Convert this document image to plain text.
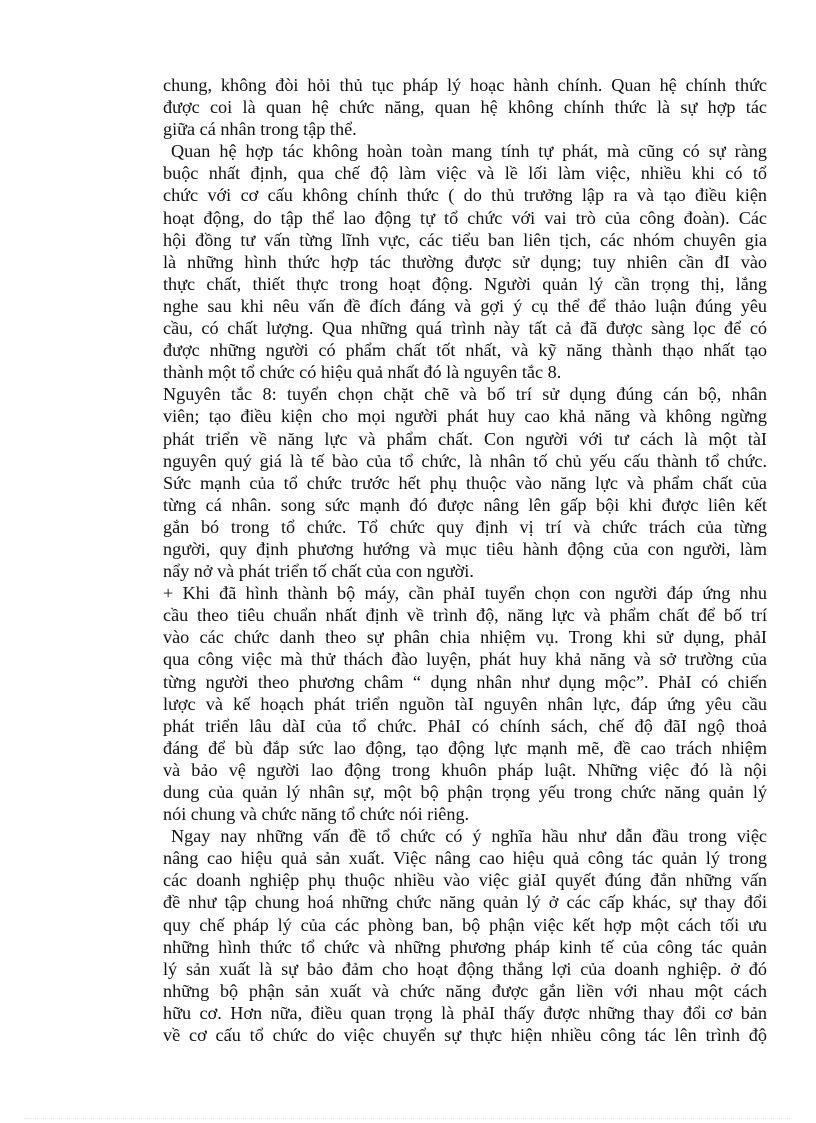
chung, không đòi hỏi thủ tục pháp lý hoạc hành chính. Quan hệ chính thức
được coi là quan hệ chức năng, quan hệ không chính thức là sự hợp tác
giữa cá nhân trong tập thể.

Quan hệ hợp tác không hoàn toàn mang tính tự phát, mà cũng có sự ràng
buộc nhất định, qua chế độ làm việc và lề lối làm việc, nhiều khi có tổ
chức với cơ cấu không chính thức ( do thủ trưởng lập ra và tạo điều kiện
hoạt động, do tập thể lao động tự tổ chức với vai trò của công đoàn). Các
hội đồng tư vấn từng lĩnh vực, các tiểu ban liên tịch, các nhóm chuyên gia
là những hình thức hợp tác thường được sử dụng; tuy nhiên cần đI vào
thực chất, thiết thực trong hoạt động. Người quản lý cần trọng thị, lắng
nghe sau khi nêu vấn đề đích đáng và gợi ý cụ thể để thảo luận đúng yêu
cầu, có chất lượng. Qua những quá trình này tất cả đã được sàng lọc để có
được những người có phẩm chất tốt nhất, và kỹ năng thành thạo nhất tạo
thành một tổ chức có hiệu quả nhất đó là nguyên tắc 8.

Nguyên tắc 8: tuyển chọn chặt chẽ và bố trí sử dụng đúng cán bộ, nhân
viên; tạo điều kiện cho mọi người phát huy cao khả năng và không ngừng
phát triển về năng lực và phẩm chất. Con người với tư cách là một tàI
nguyên quý giá là tế bào của tổ chức, là nhân tố chủ yếu cấu thành tổ chức.
Sức mạnh của tổ chức trước hết phụ thuộc vào năng lực và phẩm chất của
từng cá nhân. song sức mạnh đó được nâng lên gấp bội khi được liên kết
gắn bó trong tổ chức. Tổ chức quy định vị trí và chức trách của từng
người, quy định phương hướng và mục tiêu hành động của con người, làm
nẩy nở và phát triển tố chất của con người.

+ Khi đã hình thành bộ máy, cần phảI tuyển chọn con người đáp ứng nhu
cầu theo tiêu chuẩn nhất định về trình độ, năng lực và phẩm chất để bố trí
vào các chức danh theo sự phân chia nhiệm vụ. Trong khi sử dụng, phảI
qua công việc mà thử thách đào luyện, phát huy khả năng và sở trường của
từng người theo phương châm “ dụng nhân như dụng mộc”. PhảI có chiến
lược và kế hoạch phát triển nguồn tàI nguyên nhân lực, đáp ứng yêu cầu
phát triển lâu dàI của tổ chức. PhảI có chính sách, chế độ đãI ngộ thoả
đáng để bù đắp sức lao động, tạo động lực mạnh mẽ, đề cao trách nhiệm
và bảo vệ người lao động trong khuôn pháp luật. Những việc đó là nội
dung của quản lý nhân sự, một bộ phận trọng yếu trong chức năng quản lý
nói chung và chức năng tổ chức nói riêng.

Ngay nay những vấn đề tổ chức có ý nghĩa hầu như dẫn đầu trong việc
nâng cao hiệu quả sản xuất. Việc nâng cao hiệu quả công tác quản lý trong
các doanh nghiệp phụ thuộc nhiều vào việc giảI quyết đúng đắn những vấn
đề như tập chung hoá những chức năng quản lý ở các cấp khác, sự thay đổi
quy chế pháp lý của các phòng ban, bộ phận việc kết hợp một cách tối ưu
những hình thức tổ chức và những phương pháp kinh tế của công tác quản
lý sản xuất là sự bảo đảm cho hoạt động thắng lợi của doanh nghiệp. ở đó
những bộ phận sản xuất và chức năng được gắn liền với nhau một cách
hữu cơ. Hơn nữa, điều quan trọng là phảI thấy được những thay đổi cơ bản
về cơ cấu tổ chức do việc chuyển sự thực hiện nhiều công tác lên trình độ
